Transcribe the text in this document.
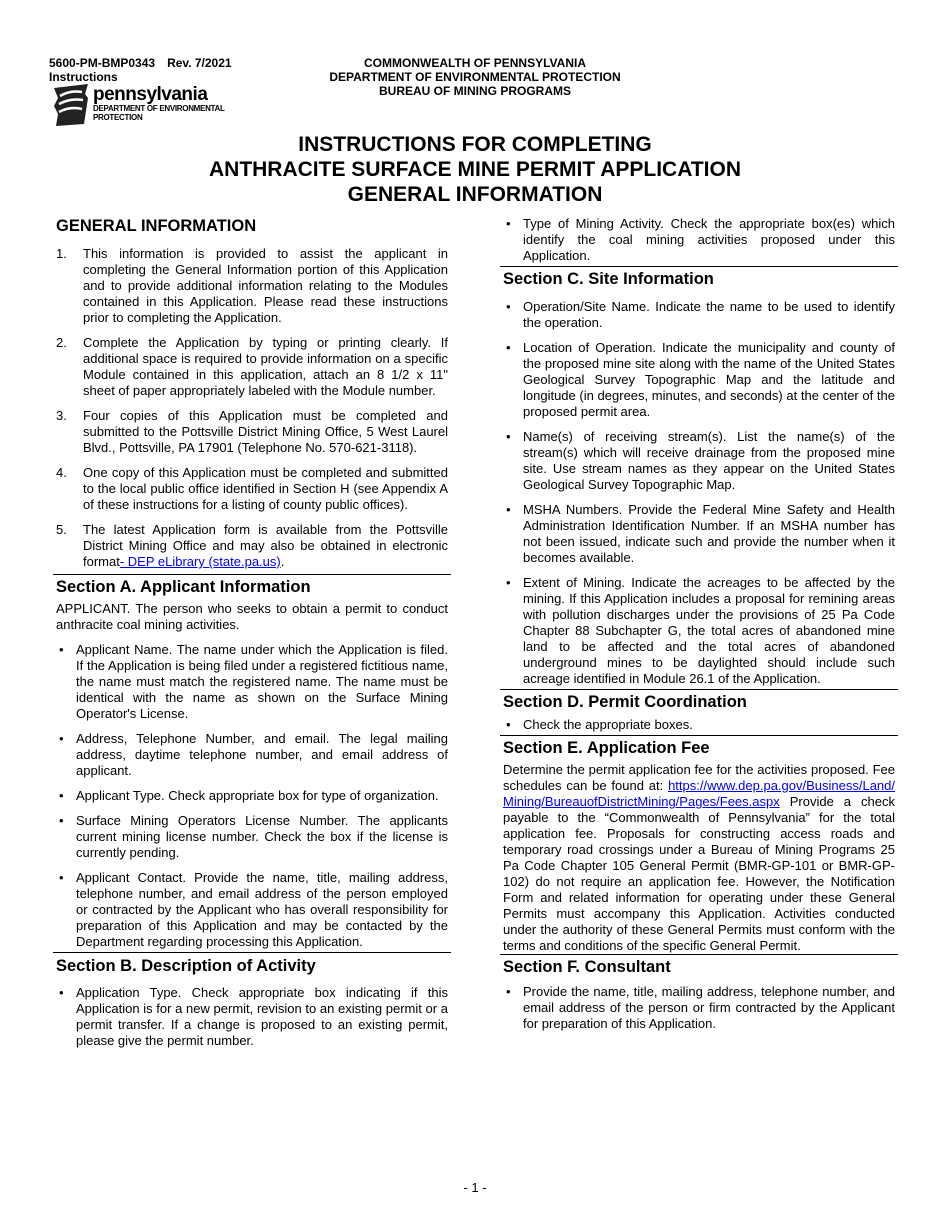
5600-PM-BMP0343 Rev. 7/2021
Instructions
COMMONWEALTH OF PENNSYLVANIA
DEPARTMENT OF ENVIRONMENTAL PROTECTION
BUREAU OF MINING PROGRAMS
pennsylvania
DEPARTMENT OF ENVIRONMENTAL
PROTECTION
INSTRUCTIONS FOR COMPLETING
ANTHRACITE SURFACE MINE PERMIT APPLICATION
GENERAL INFORMATION
GENERAL INFORMATION
1. This information is provided to assist the applicant in completing the General Information portion of this Application and to provide additional information relating to the Modules contained in this Application. Please read these instructions prior to completing the Application.
2. Complete the Application by typing or printing clearly. If additional space is required to provide information on a specific Module contained in this application, attach an 8 1/2 x 11" sheet of paper appropriately labeled with the Module number.
3. Four copies of this Application must be completed and submitted to the Pottsville District Mining Office, 5 West Laurel Blvd., Pottsville, PA 17901 (Telephone No. 570-621-3118).
4. One copy of this Application must be completed and submitted to the local public office identified in Section H (see Appendix A of these instructions for a listing of county public offices).
5. The latest Application form is available from the Pottsville District Mining Office and may also be obtained in electronic format- DEP eLibrary (state.pa.us).
Section A. Applicant Information

APPLICANT. The person who seeks to obtain a permit to conduct anthracite coal mining activities.

• Applicant Name. The name under which the Application is filed. If the Application is being filed under a registered fictitious name, the name must match the registered name. The name must be identical with the name as shown on the Surface Mining Operator's License.
• Address, Telephone Number, and email. The legal mailing address, daytime telephone number, and email address of applicant.
• Applicant Type. Check appropriate box for type of organization.
• Surface Mining Operators License Number. The applicants current mining license number. Check the box if the license is currently pending.
• Applicant Contact. Provide the name, title, mailing address, telephone number, and email address of the person employed or contracted by the Applicant who has overall responsibility for preparation of this Application and may be contacted by the Department regarding processing this Application.
Section B. Description of Activity
• Application Type. Check appropriate box indicating if this Application is for a new permit, revision to an existing permit or a permit transfer. If a change is proposed to an existing permit, please give the permit number.
• Type of Mining Activity. Check the appropriate box(es) which identify the coal mining activities proposed under this Application.
Section C. Site Information
• Operation/Site Name. Indicate the name to be used to identify the operation.
• Location of Operation. Indicate the municipality and county of the proposed mine site along with the name of the United States Geological Survey Topographic Map and the latitude and longitude (in degrees, minutes, and seconds) at the center of the proposed permit area.
• Name(s) of receiving stream(s). List the name(s) of the stream(s) which will receive drainage from the proposed mine site. Use stream names as they appear on the United States Geological Survey Topographic Map.
• MSHA Numbers. Provide the Federal Mine Safety and Health Administration Identification Number. If an MSHA number has not been issued, indicate such and provide the number when it becomes available.
• Extent of Mining. Indicate the acreages to be affected by the mining. If this Application includes a proposal for remining areas with pollution discharges under the provisions of 25 Pa Code Chapter 88 Subchapter G, the total acres of abandoned mine land to be affected and the total acres of abandoned underground mines to be daylighted should include such acreage identified in Module 26.1 of the Application.
Section D. Permit Coordination
• Check the appropriate boxes.
Section E. Application Fee

Determine the permit application fee for the activities proposed. Fee schedules can be found at: https://www.dep.pa.gov/Business/Land/Mining/BureauofDistrictMining/Pages/Fees.aspx Provide a check payable to the “Commonwealth of Pennsylvania” for the total application fee. Proposals for constructing access roads and temporary road crossings under a Bureau of Mining Programs 25 Pa Code Chapter 105 General Permit (BMR-GP-101 or BMR-GP-102) do not require an application fee. However, the Notification Form and related information for operating under these General Permits must accompany this Application. Activities conducted under the authority of these General Permits must conform with the terms and conditions of the specific General Permit.

Section F. Consultant
• Provide the name, title, mailing address, telephone number, and email address of the person or firm contracted by the Applicant for preparation of this Application.
- 1 -
